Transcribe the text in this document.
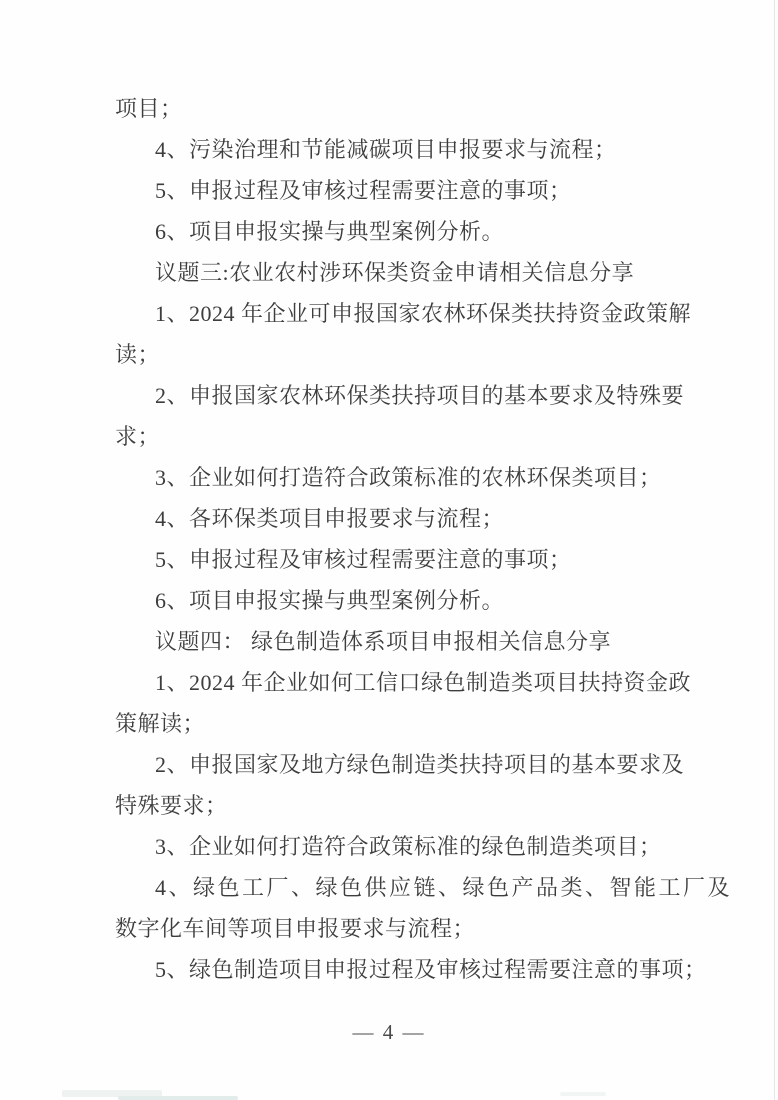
项目；
4、污染治理和节能减碳项目申报要求与流程；
5、申报过程及审核过程需要注意的事项；
6、项目申报实操与典型案例分析。
议题三:农业农村涉环保类资金申请相关信息分享
1、2024 年企业可申报国家农林环保类扶持资金政策解
读；
2、申报国家农林环保类扶持项目的基本要求及特殊要
求；
3、企业如何打造符合政策标准的农林环保类项目；
4、各环保类项目申报要求与流程；
5、申报过程及审核过程需要注意的事项；
6、项目申报实操与典型案例分析。
议题四： 绿色制造体系项目申报相关信息分享
1、2024 年企业如何工信口绿色制造类项目扶持资金政
策解读；
2、申报国家及地方绿色制造类扶持项目的基本要求及
特殊要求；
3、企业如何打造符合政策标准的绿色制造类项目；
4、绿色工厂、绿色供应链、绿色产品类、智能工厂及
数字化车间等项目申报要求与流程；
5、绿色制造项目申报过程及审核过程需要注意的事项；
— 4 —
